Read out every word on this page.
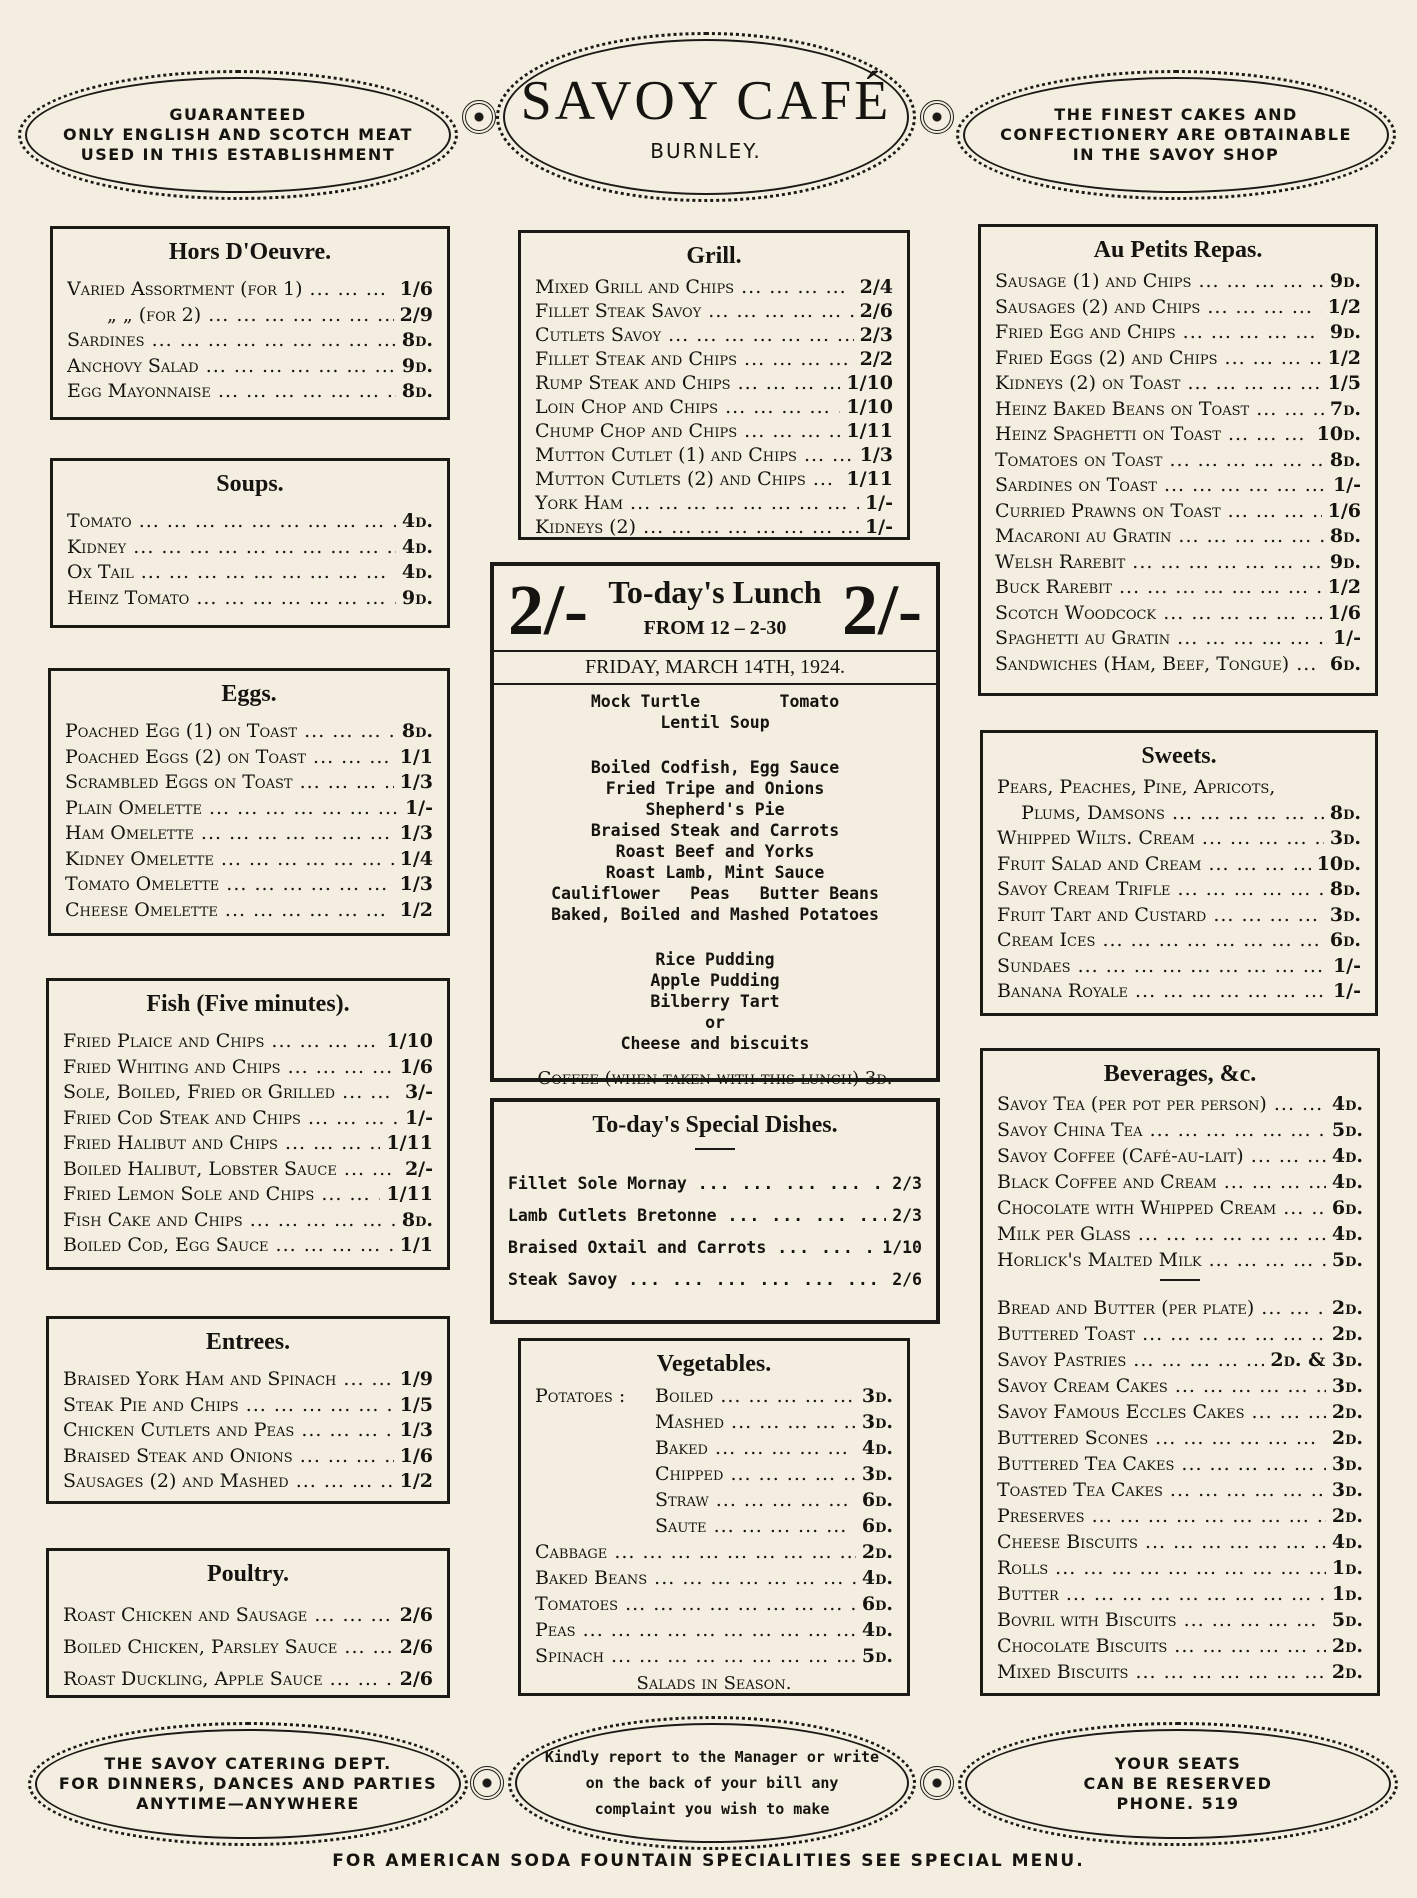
GUARANTEED
ONLY ENGLISH AND SCOTCH MEAT
USED IN THIS ESTABLISHMENT
SAVOY CAFÉ
BURNLEY.
THE FINEST CAKES AND
CONFECTIONERY ARE OBTAINABLE
IN THE SAVOY SHOP
Hors D'Oeuvre.
Varied Assortment (for 1) ... .	1/6
„ „ (for 2) ... .	2/9
Sardines ... .	8d.
Anchovy Salad ... .	9d.
Egg Mayonnaise ... .	8d.
Soups.
Tomato ... .	4d.
Kidney ... .	4d.
Ox Tail ... .	4d.
Heinz Tomato ... .	9d.
Eggs.
Poached Egg (1) on Toast ... .	8d.
Poached Eggs (2) on Toast ... .	1/1
Scrambled Eggs on Toast ... .	1/3
Plain Omelette ... .	1/-
Ham Omelette ... .	1/3
Kidney Omelette ... .	1/4
Tomato Omelette ... .	1/3
Cheese Omelette ... .	1/2
Fish (Five minutes).
Fried Plaice and Chips ... .	1/10
Fried Whiting and Chips ... .	1/6
Sole, Boiled, Fried or Grilled ... .	3/-
Fried Cod Steak and Chips ... .	1/-
Fried Halibut and Chips ... .	1/11
Boiled Halibut, Lobster Sauce ... .	2/-
Fried Lemon Sole and Chips ... .	1/11
Fish Cake and Chips ... .	8d.
Boiled Cod, Egg Sauce ... .	1/1
Entrees.
Braised York Ham and Spinach ... .	1/9
Steak Pie and Chips ... .	1/5
Chicken Cutlets and Peas ... .	1/3
Braised Steak and Onions ... .	1/6
Sausages (2) and Mashed ... .	1/2
Poultry.
Roast Chicken and Sausage ... .	2/6
Boiled Chicken, Parsley Sauce ... .	2/6
Roast Duckling, Apple Sauce ... .	2/6
Grill.
Mixed Grill and Chips ... .	2/4
Fillet Steak Savoy ... .	2/6
Cutlets Savoy ... .	2/3
Fillet Steak and Chips ... .	2/2
Rump Steak and Chips ... .	1/10
Loin Chop and Chips ... .	1/10
Chump Chop and Chips ... .	1/11
Mutton Cutlet (1) and Chips ... .	1/3
Mutton Cutlets (2) and Chips ... .	1/11
York Ham ... .	1/-
Kidneys (2) ... .	1/-
2/- To-day's Lunch
FROM 12 – 2-30 2/-
FRIDAY, MARCH 14TH, 1924.
Mock Turtle        Tomato
Lentil Soup
Boiled Codfish, Egg Sauce
Fried Tripe and Onions
Shepherd's Pie
Braised Steak and Carrots
Roast Beef and Yorks
Roast Lamb, Mint Sauce
Cauliflower   Peas   Butter Beans
Baked, Boiled and Mashed Potatoes
Rice Pudding
Apple Pudding
Bilberry Tart
or
Cheese and biscuits
Coffee (when taken with this lunch) 3d.
To-day's Special Dishes.
Fillet Sole Mornay ... .	2/3
Lamb Cutlets Bretonne ... .	2/3
Braised Oxtail and Carrots ... .	1/10
Steak Savoy ... .	2/6
Vegetables.
Potatoes :	Boiled ... .	3d.
Mashed ... .	3d.
Baked ... .	4d.
Chipped ... .	3d.
Straw ... .	6d.
Saute ... .	6d.
Cabbage ... .	2d.
Baked Beans ... .	4d.
Tomatoes ... .	6d.
Peas ... .	4d.
Spinach ... .	5d.
Salads in Season.
Au Petits Repas.
Sausage (1) and Chips ... .	9d.
Sausages (2) and Chips ... .	1/2
Fried Egg and Chips ... .	9d.
Fried Eggs (2) and Chips ... .	1/2
Kidneys (2) on Toast ... .	1/5
Heinz Baked Beans on Toast ... .	7d.
Heinz Spaghetti on Toast ... .	10d.
Tomatoes on Toast ... .	8d.
Sardines on Toast ... .	1/-
Curried Prawns on Toast ... .	1/6
Macaroni au Gratin ... .	8d.
Welsh Rarebit ... .	9d.
Buck Rarebit ... .	1/2
Scotch Woodcock ... .	1/6
Spaghetti au Gratin ... .	1/-
Sandwiches (Ham, Beef, Tongue) ... .	6d.
Sweets.
Pears, Peaches, Pine, Apricots,
Plums, Damsons ... .	8d.
Whipped Wilts. Cream ... .	3d.
Fruit Salad and Cream ... .	10d.
Savoy Cream Trifle ... .	8d.
Fruit Tart and Custard ... .	3d.
Cream Ices ... .	6d.
Sundaes ... .	1/-
Banana Royale ... .	1/-
Beverages, &c.
Savoy Tea (per pot per person) ... .	4d.
Savoy China Tea ... .	5d.
Savoy Coffee (Café-au-lait) ... .	4d.
Black Coffee and Cream ... .	4d.
Chocolate with Whipped Cream ... .	6d.
Milk per Glass ... .	4d.
Horlick's Malted Milk ... .	5d.
Bread and Butter (per plate) ... .	2d.
Buttered Toast ... .	2d.
Savoy Pastries ... .	2d. & 3d.
Savoy Cream Cakes ... .	3d.
Savoy Famous Eccles Cakes ... .	2d.
Buttered Scones ... .	2d.
Buttered Tea Cakes ... .	3d.
Toasted Tea Cakes ... .	3d.
Preserves ... .	2d.
Cheese Biscuits ... .	4d.
Rolls ... .	1d.
Butter ... .	1d.
Bovril with Biscuits ... .	5d.
Chocolate Biscuits ... .	2d.
Mixed Biscuits ... .	2d.
THE SAVOY CATERING DEPT.
FOR DINNERS, DANCES AND PARTIES
ANYTIME—ANYWHERE
Kindly report to the Manager or write
on the back of your bill any
complaint you wish to make
YOUR SEATS
CAN BE RESERVED
PHONE. 519
FOR AMERICAN SODA FOUNTAIN SPECIALITIES SEE SPECIAL MENU.
